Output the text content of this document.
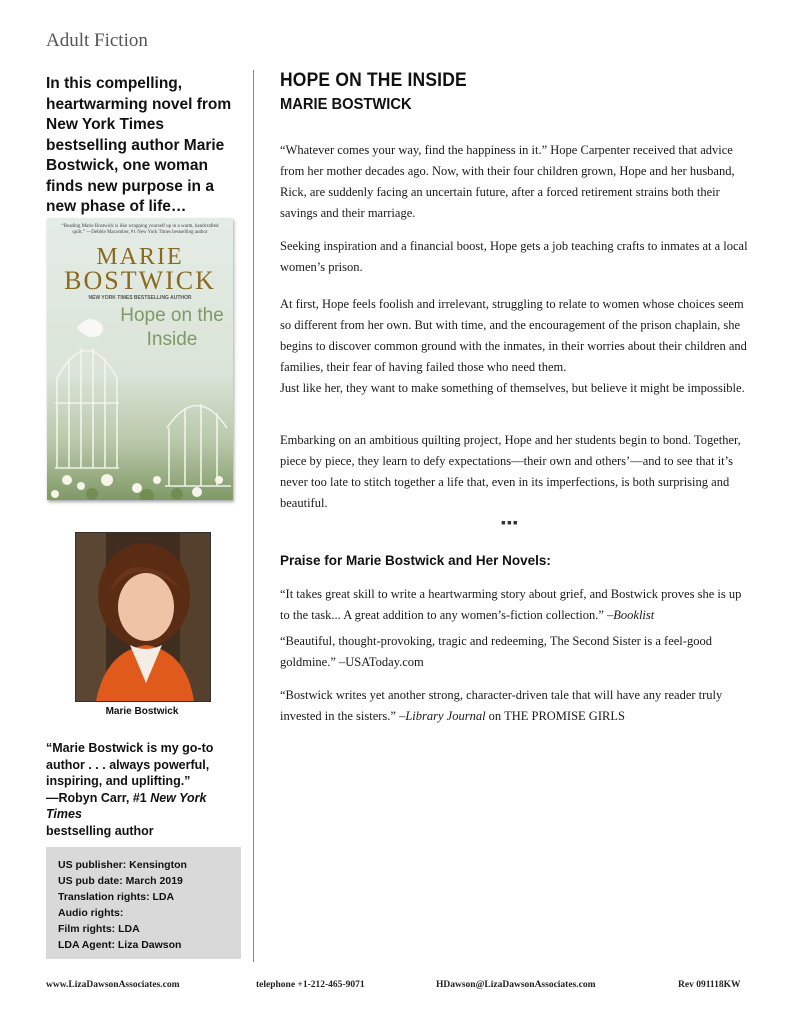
Adult Fiction
In this compelling, heartwarming novel from New York Times bestselling author Marie Bostwick, one woman finds new purpose in a new phase of life…
“Reading Marie Bostwick is like wrapping yourself up in a warm, handcrafted quilt.” —Debbie Macomber, #1 New York Times bestselling author
MARIE
BOSTWICK
NEW YORK TIMES BESTSELLING AUTHOR
Hope on the Inside
Marie Bostwick
“Marie Bostwick is my go-to author . . . always powerful, inspiring, and uplifting.”
—Robyn Carr, #1 New York Times
bestselling author
US publisher: Kensington
US pub date: March 2019
Translation rights: LDA
Audio rights:
Film rights: LDA
LDA Agent: Liza Dawson
HOPE ON THE INSIDE
MARIE BOSTWICK
“Whatever comes your way, find the happiness in it.” Hope Carpenter received that advice from her mother decades ago. Now, with their four children grown, Hope and her husband, Rick, are suddenly facing an uncertain future, after a forced retirement strains both their savings and their marriage.
Seeking inspiration and a financial boost, Hope gets a job teaching crafts to inmates at a local women’s prison.
At first, Hope feels foolish and irrelevant, struggling to relate to women whose choices seem so different from her own. But with time, and the encouragement of the prison chaplain, she begins to discover common ground with the inmates, in their worries about their children and families, their fear of having failed those who need them.
Just like her, they want to make something of themselves, but believe it might be impossible.
Embarking on an ambitious quilting project, Hope and her students begin to bond. Together, piece by piece, they learn to defy expectations—their own and others’—and to see that it’s never too late to stitch together a life that, even in its imperfections, is both surprising and beautiful.
▪▪▪
Praise for Marie Bostwick and Her Novels:
“It takes great skill to write a heartwarming story about grief, and Bostwick proves she is up to the task... A great addition to any women’s-fiction collection.” –Booklist
“Beautiful, thought-provoking, tragic and redeeming, The Second Sister is a feel-good goldmine.” –USAToday.com
“Bostwick writes yet another strong, character-driven tale that will have any reader truly invested in the sisters.” –Library Journal on THE PROMISE GIRLS
www.LizaDawsonAssociates.com	telephone +1-212-465-9071	HDawson@LizaDawsonAssociates.com	Rev 091118KW
